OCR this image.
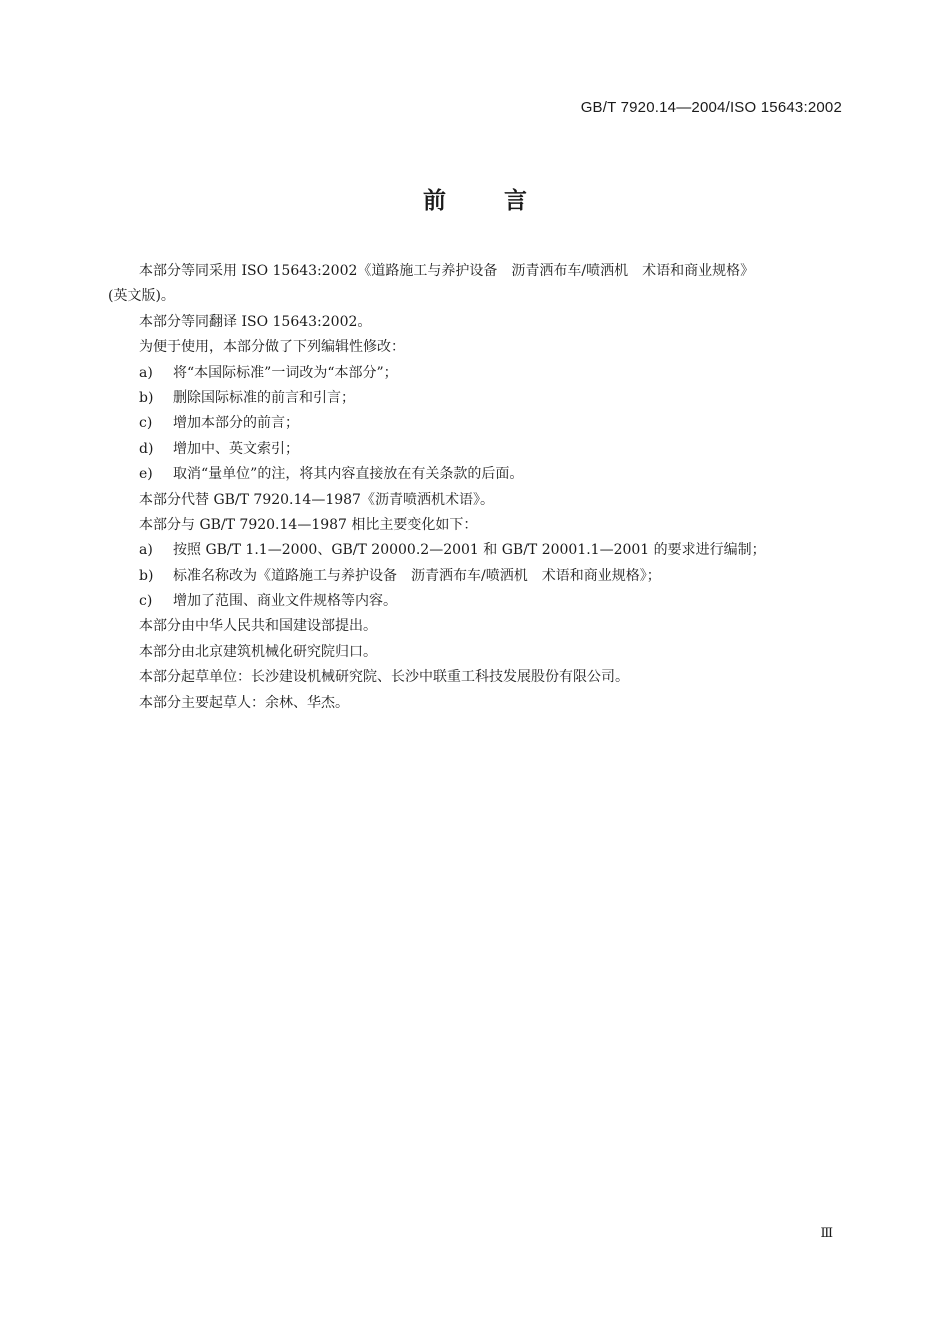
GB/T 7920.14—2004/ISO 15643:2002
前言
本部分等同采用 ISO 15643:2002《道路施工与养护设备　沥青洒布车/喷洒机　术语和商业规格》
(英文版)。
本部分等同翻译 ISO 15643:2002。
为便于使用，本部分做了下列编辑性修改：
a) 将“本国际标准”一词改为“本部分”；
b) 删除国际标准的前言和引言；
c) 增加本部分的前言；
d) 增加中、英文索引；
e) 取消“量单位”的注，将其内容直接放在有关条款的后面。
本部分代替 GB/T 7920.14—1987《沥青喷洒机术语》。
本部分与 GB/T 7920.14—1987 相比主要变化如下：
a) 按照 GB/T 1.1—2000、GB/T 20000.2—2001 和 GB/T 20001.1—2001 的要求进行编制；
b) 标准名称改为《道路施工与养护设备　沥青洒布车/喷洒机　术语和商业规格》；
c) 增加了范围、商业文件规格等内容。
本部分由中华人民共和国建设部提出。
本部分由北京建筑机械化研究院归口。
本部分起草单位：长沙建设机械研究院、长沙中联重工科技发展股份有限公司。
本部分主要起草人：余林、华杰。
Ⅲ
